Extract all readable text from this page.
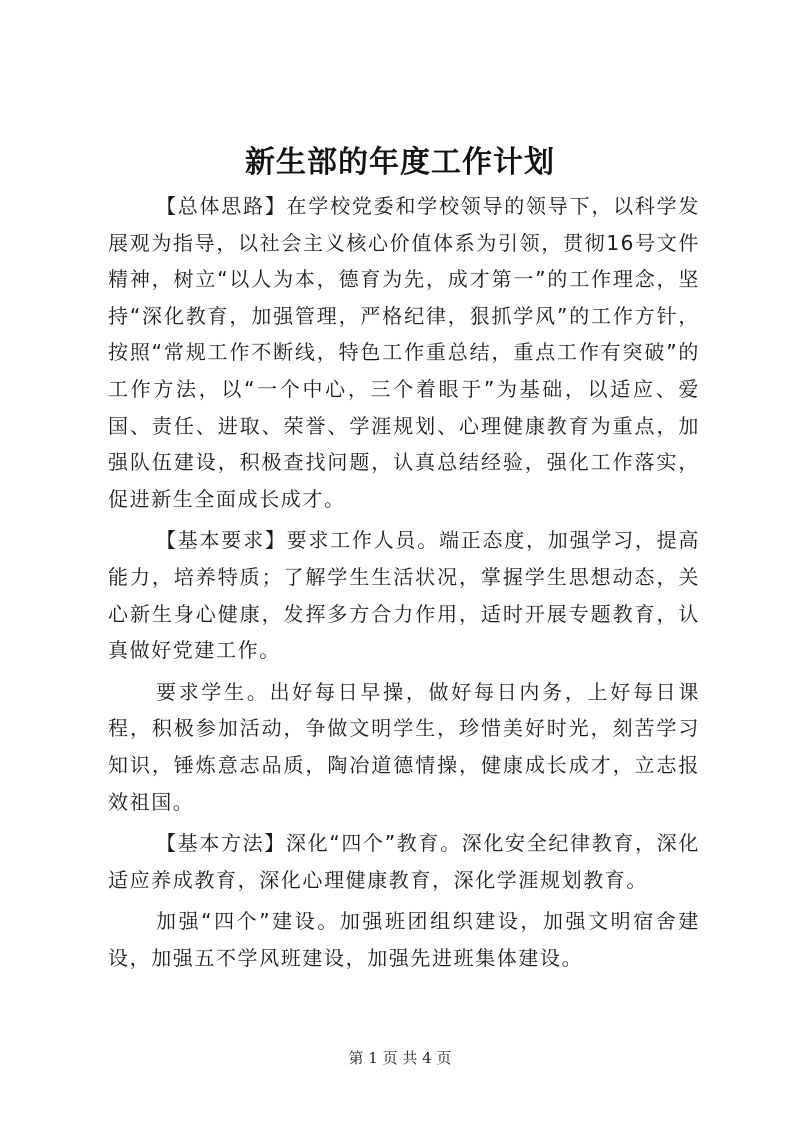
新生部的年度工作计划

【总体思路】在学校党委和学校领导的领导下，以科学发展观为指导，以社会主义核心价值体系为引领，贯彻16号文件精神，树立“以人为本，德育为先，成才第一”的工作理念，坚持“深化教育，加强管理，严格纪律，狠抓学风”的工作方针，按照“常规工作不断线，特色工作重总结，重点工作有突破”的工作方法，以“一个中心，三个着眼于”为基础，以适应、爱国、责任、进取、荣誉、学涯规划、心理健康教育为重点，加强队伍建设，积极查找问题，认真总结经验，强化工作落实，促进新生全面成长成才。

【基本要求】要求工作人员。端正态度，加强学习，提高能力，培养特质；了解学生生活状况，掌握学生思想动态，关心新生身心健康，发挥多方合力作用，适时开展专题教育，认真做好党建工作。

要求学生。出好每日早操，做好每日内务，上好每日课程，积极参加活动，争做文明学生，珍惜美好时光，刻苦学习知识，锤炼意志品质，陶冶道德情操，健康成长成才，立志报效祖国。

【基本方法】深化“四个”教育。深化安全纪律教育，深化适应养成教育，深化心理健康教育，深化学涯规划教育。

加强“四个”建设。加强班团组织建设，加强文明宿舍建设，加强五不学风班建设，加强先进班集体建设。

第 1 页 共 4 页
